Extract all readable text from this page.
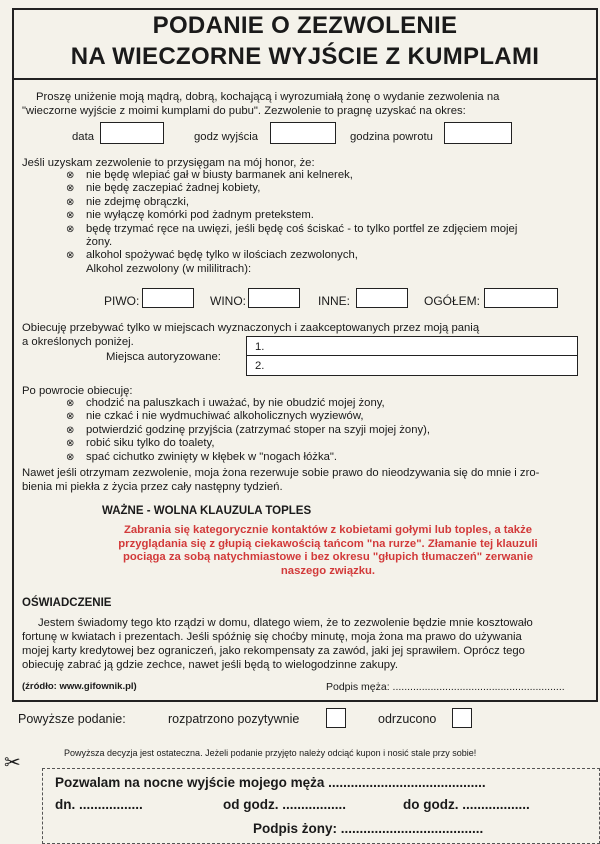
PODANIE O ZEZWOLENIE
NA WIECZORNE WYJŚCIE Z KUMPLAMI
Proszę uniżenie moją mądrą, dobrą, kochającą i wyrozumiałą żonę o wydanie zezwolenia na
"wieczorne wyjście z moimi kumplami do pubu". Zezwolenie to pragnę uzyskać na okres:
data	godz wyjścia	godzina powrotu
Jeśli uzyskam zezwolenie to przysięgam na mój honor, że:
⊗ nie będę wlepiać gał w biusty barmanek ani kelnerek,
⊗ nie będę zaczepiać żadnej kobiety,
⊗ nie zdejmę obrączki,
⊗ nie wyłączę komórki pod żadnym pretekstem.
⊗ będę trzymać ręce na uwięzi, jeśli będę coś ściskać - to tylko portfel ze zdjęciem mojej
żony.
⊗ alkohol spożywać będę tylko w ilościach zezwolonych,
Alkohol zezwolony (w mililitrach):
PIWO:	WINO:	INNE:	OGÓŁEM:
Obiecuję przebywać tylko w miejscach wyznaczonych i zaakceptowanych przez moją panią
a określonych poniżej.
Miejsca autoryzowane:
1.
2.
Po powrocie obiecuję:
⊗ chodzić na paluszkach i uważać, by nie obudzić mojej żony,
⊗ nie czkać i nie wydmuchiwać alkoholicznych wyziewów,
⊗ potwierdzić godzinę przyjścia (zatrzymać stoper na szyji mojej żony),
⊗ robić siku tylko do toalety,
⊗ spać cichutko zwinięty w kłębek w "nogach łóżka".
Nawet jeśli otrzymam zezwolenie, moja żona rezerwuje sobie prawo do nieodzywania się do mnie i zro-
bienia mi piekła z życia przez cały następny tydzień.
WAŻNE - WOLNA KLAUZULA TOPLES
Zabrania się kategorycznie kontaktów z kobietami gołymi lub toples, a także
przyglądania się z głupią ciekawością tańcom "na rurze". Złamanie tej klauzuli
pociąga za sobą natychmiastowe i bez okresu "głupich tłumaczeń" zerwanie
naszego związku.
OŚWIADCZENIE
Jestem świadomy tego kto rządzi w domu, dlatego wiem, że to zezwolenie będzie mnie kosztowało
fortunę w kwiatach i prezentach. Jeśli spóźnię się choćby minutę, moja żona ma prawo do używania
mojej karty kredytowej bez ograniczeń, jako rekompensaty za zawód, jaki jej sprawiłem. Oprócz tego
obiecuję zabrać ją gdzie zechce, nawet jeśli będą to wielogodzinne zakupy.
(źródło: www.gifownik.pl)	Podpis męża: ...........................................................
Powyższe podanie:	rozpatrzono pozytywnie	odrzucono
Powyższa decyzja jest ostateczna. Jeżeli podanie przyjęto należy odciąć kupon i nosić stale przy sobie!
✂
Pozwalam na nocne wyjście mojego męża ..........................................
dn. .................	od godz. .................	do godz. ..................
Podpis żony: ......................................
